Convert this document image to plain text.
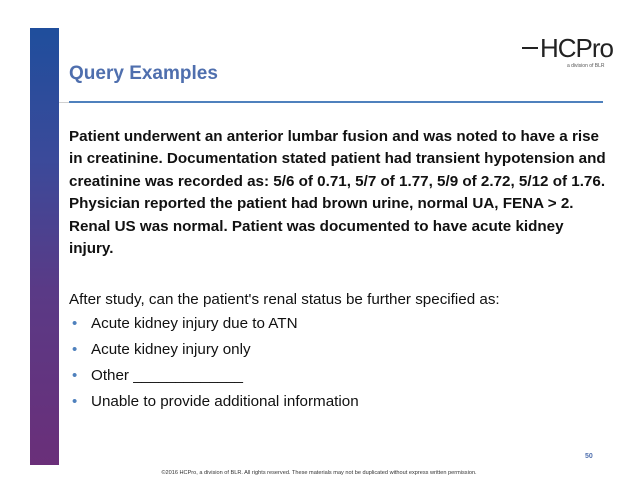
HCPro
a division of BLR
Query Examples

Patient underwent an anterior lumbar fusion and was noted to have a rise in creatinine. Documentation stated patient had transient hypotension and creatinine was recorded as: 5/6 of 0.71, 5/7 of 1.77, 5/9 of 2.72, 5/12 of 1.76. Physician reported the patient had brown urine, normal UA, FENA > 2. Renal US was normal. Patient was documented to have acute kidney injury.

After study, can the patient's renal status be further specified as:

• Acute kidney injury due to ATN
• Acute kidney injury only
• Other _____________
• Unable to provide additional information
50
©2016 HCPro, a division of BLR. All rights reserved. These materials may not be duplicated without express written permission.
